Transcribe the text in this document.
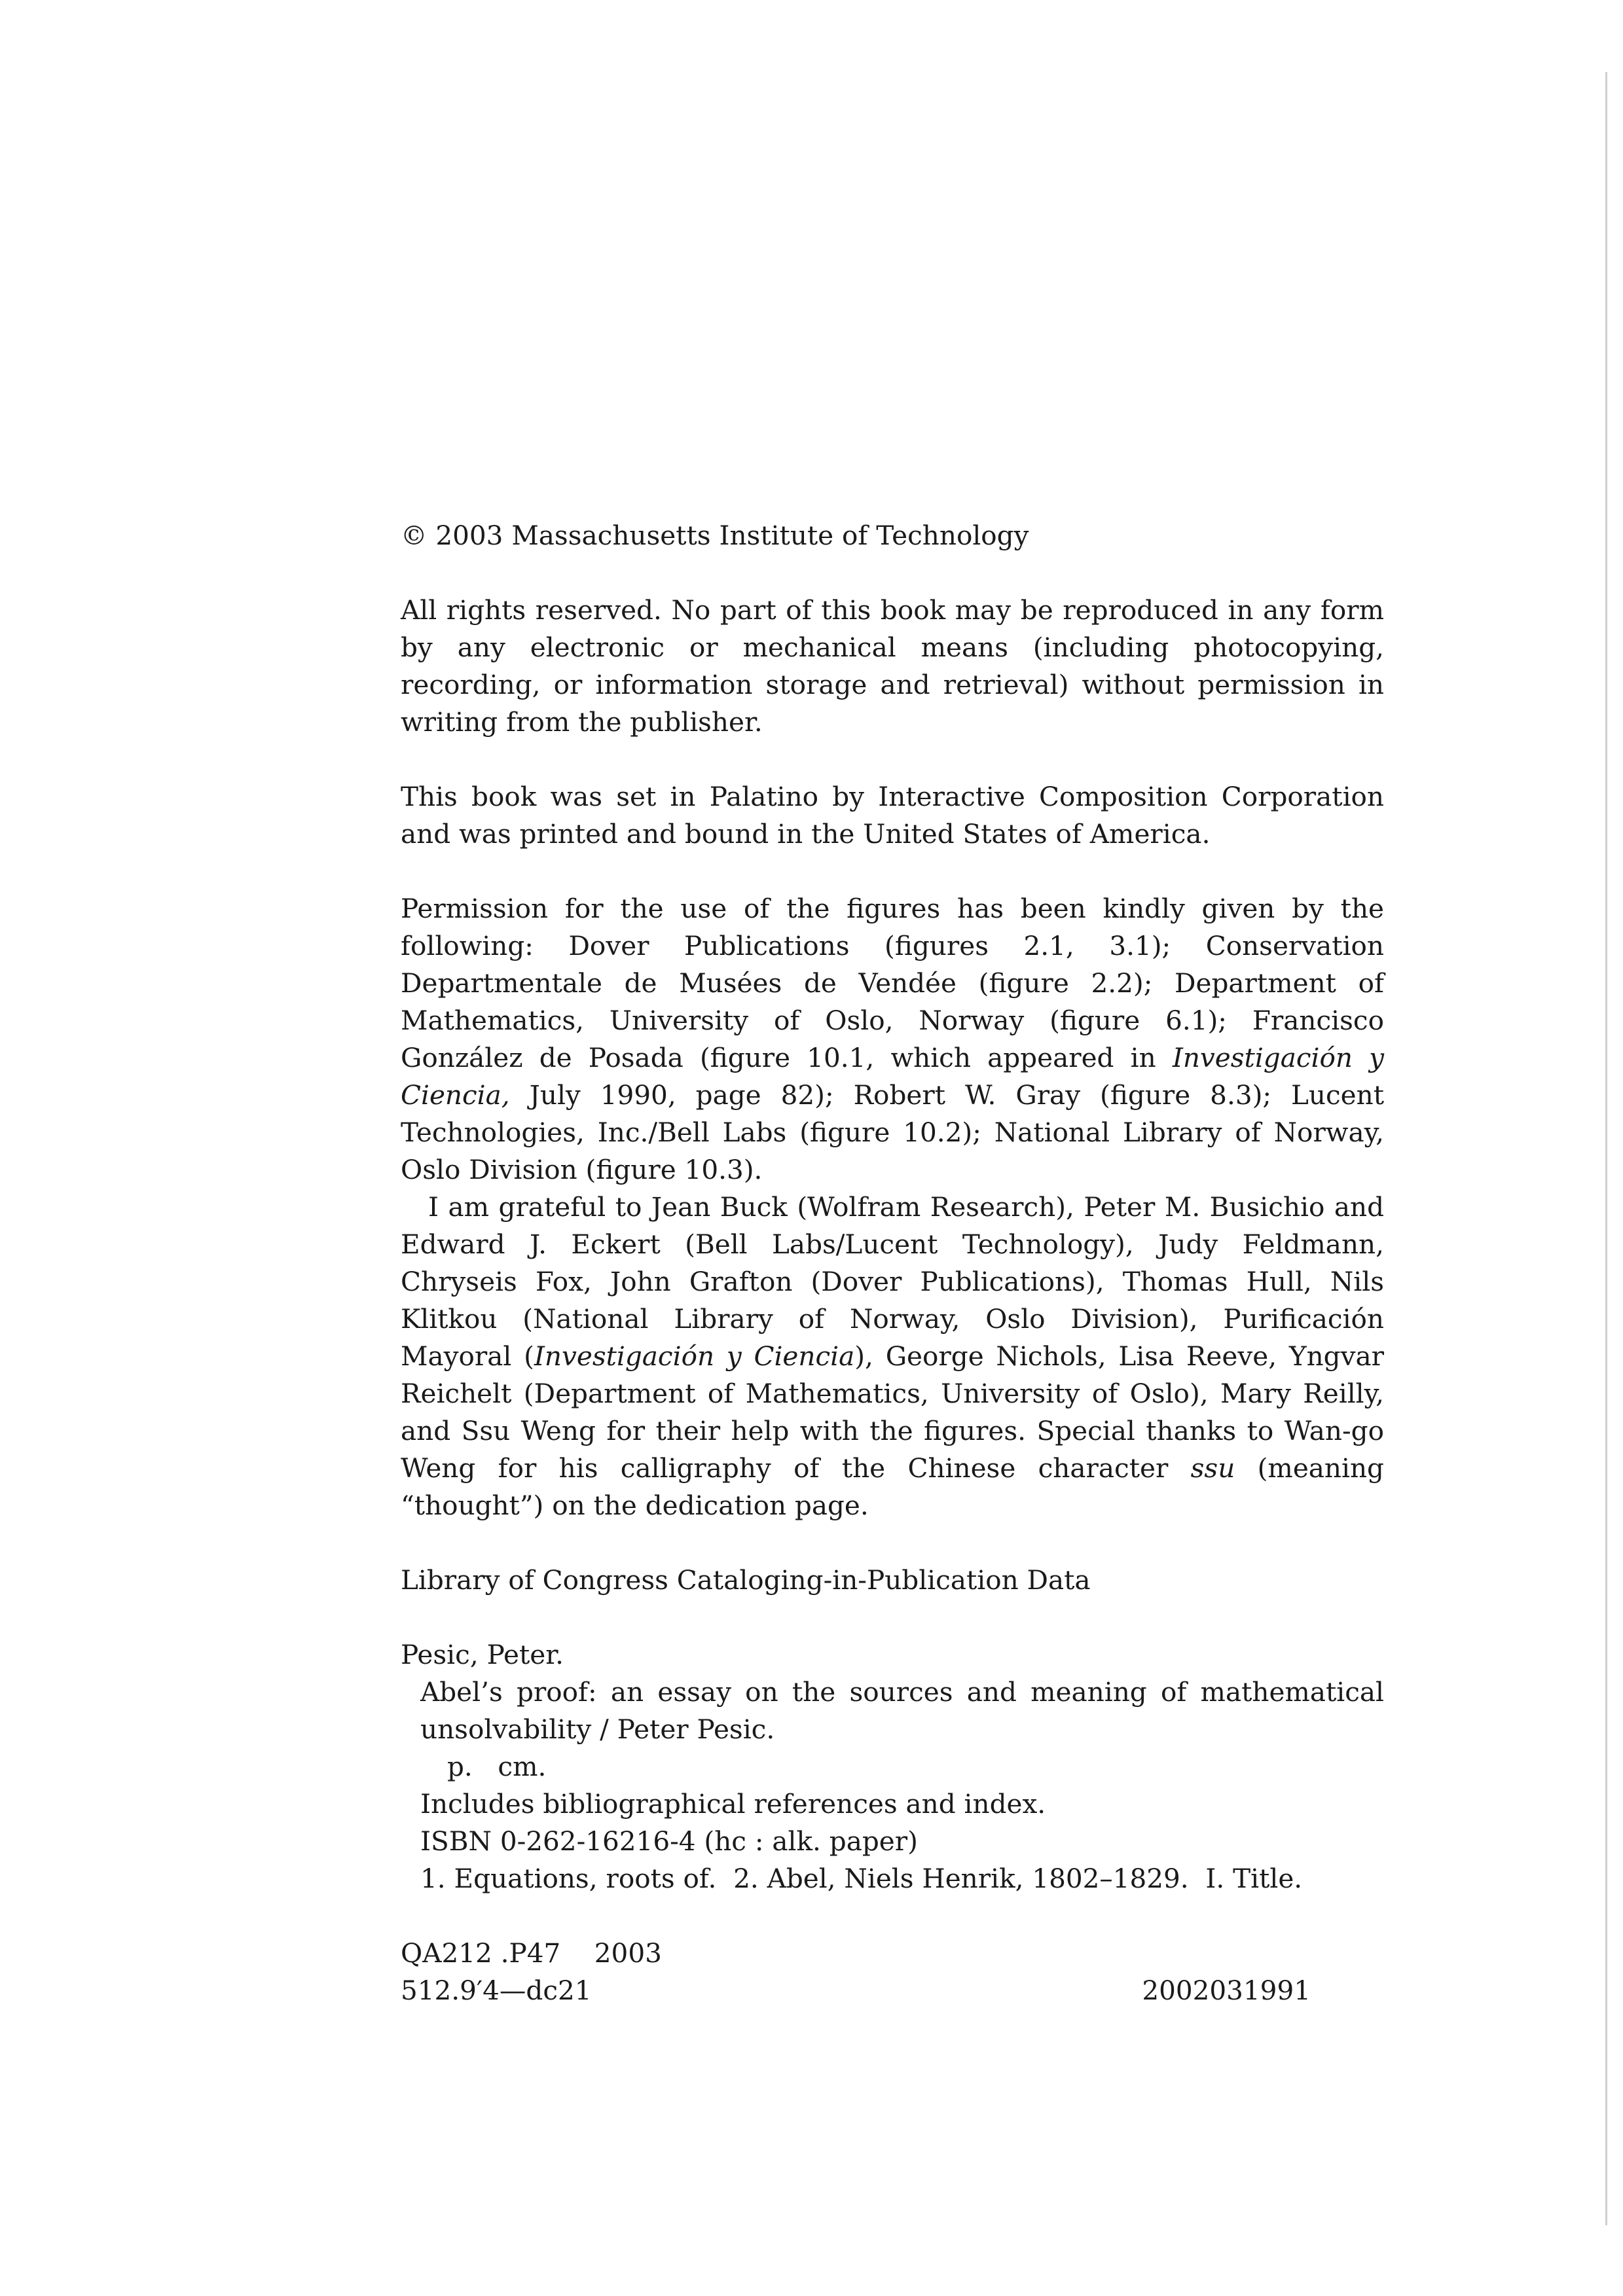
© 2003 Massachusetts Institute of Technology

All rights reserved. No part of this book may be reproduced in any form by any electronic or mechanical means (including photocopying, recording, or information storage and retrieval) without permission in writing from the publisher.

This book was set in Palatino by Interactive Composition Corporation and was printed and bound in the United States of America.

Permission for the use of the figures has been kindly given by the following: Dover Publications (figures 2.1, 3.1); Conservation Departmentale de Musées de Vendée (figure 2.2); Department of Mathematics, University of Oslo, Norway (figure 6.1); Francisco González de Posada (figure 10.1, which appeared in Investigación y Ciencia, July 1990, page 82); Robert W. Gray (figure 8.3); Lucent Technologies, Inc./Bell Labs (figure 10.2); National Library of Norway, Oslo Division (figure 10.3).

I am grateful to Jean Buck (Wolfram Research), Peter M. Busichio and Edward J. Eckert (Bell Labs/Lucent Technology), Judy Feldmann, Chryseis Fox, John Grafton (Dover Publications), Thomas Hull, Nils Klitkou (National Library of Norway, Oslo Division), Purificación Mayoral (Investigación y Ciencia), George Nichols, Lisa Reeve, Yngvar Reichelt (Department of Mathematics, University of Oslo), Mary Reilly, and Ssu Weng for their help with the figures. Special thanks to Wan-go Weng for his calligraphy of the Chinese character ssu (meaning “thought”) on the dedication page.

Library of Congress Cataloging-in-Publication Data

Pesic, Peter.

Abel’s proof: an essay on the sources and meaning of mathematical unsolvability / Peter Pesic.

p.   cm.

Includes bibliographical references and index.

ISBN 0-262-16216-4 (hc : alk. paper)

1. Equations, roots of.  2. Abel, Niels Henrik, 1802–1829.  I. Title.

QA212 .P47    2003

512.9′4—dc21	2002031991
